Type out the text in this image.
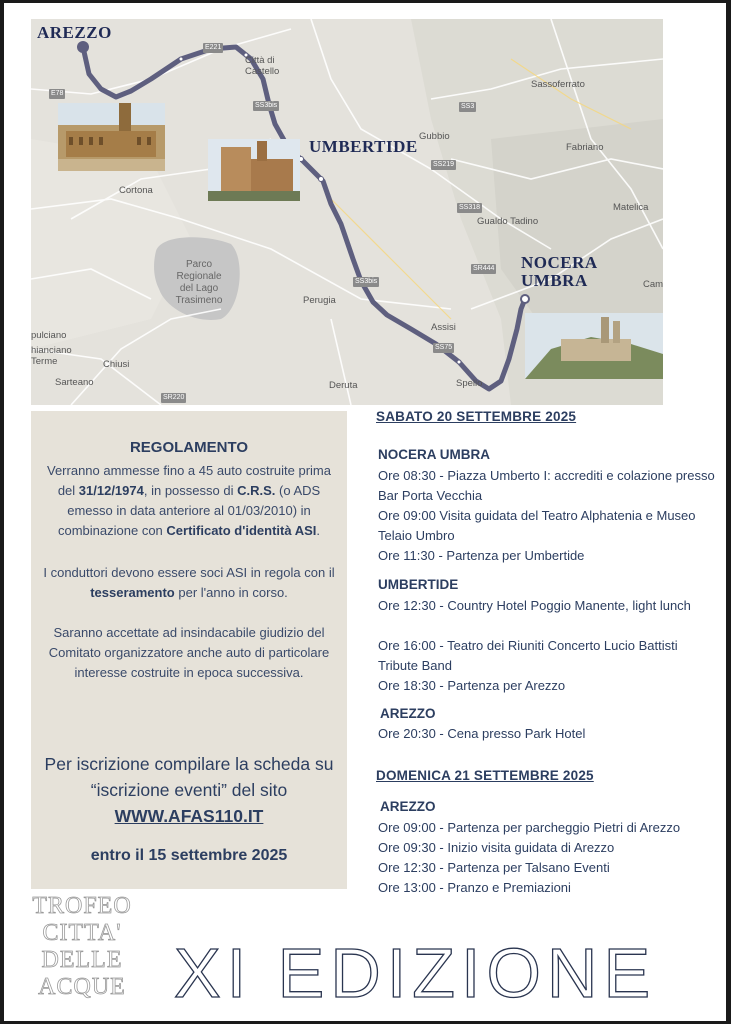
AREZZO
UMBERTIDE
NOCERA
UMBRA
Città di
Castello
Sassoferrato
Gubbio
Fabriano
Cortona
Matelica
Gualdo Tadino
Parco
Regionale
del Lago
Trasimeno	Perugia
Assisi
pulciano
hianciano
Terme	Chiusi
Sarteano	Deruta	Spello
Cam
E221
E78
SS3bis	SS3
SS219
SS318
SR444
SS3bis
SS75
SR220
REGOLAMENTO
Verranno ammesse fino a 45 auto costruite prima del 31/12/1974, in possesso di C.R.S. (o ADS emesso in data anteriore al 01/03/2010) in combinazione con Certificato d'identità ASI.
I conduttori devono essere soci ASI in regola con il tesseramento per l'anno in corso.
Saranno accettate ad insindacabile giudizio del Comitato organizzatore anche auto di particolare interesse costruite in epoca successiva.
Per iscrizione compilare la scheda su “iscrizione eventi” del sito WWW.AFAS110.IT
entro il 15 settembre 2025
SABATO 20 SETTEMBRE 2025
NOCERA UMBRA
Ore 08:30 - Piazza Umberto I: accrediti e colazione presso Bar Porta Vecchia
Ore 09:00 Visita guidata del Teatro Alphatenia e Museo Telaio Umbro
Ore 11:30 - Partenza per Umbertide
UMBERTIDE
Ore 12:30 - Country Hotel Poggio Manente, light lunch
Ore 16:00 - Teatro dei Riuniti Concerto Lucio Battisti Tribute Band
Ore 18:30 - Partenza per Arezzo
AREZZO
Ore 20:30 - Cena presso Park Hotel
DOMENICA 21 SETTEMBRE 2025
AREZZO
Ore 09:00 - Partenza per parcheggio Pietri di Arezzo
Ore 09:30 - Inizio visita guidata di Arezzo
Ore 12:30 - Partenza per Talsano Eventi
Ore 13:00 - Pranzo e Premiazioni
TROFEO
CITTA'
DELLE
ACQUE XI EDIZIONE
